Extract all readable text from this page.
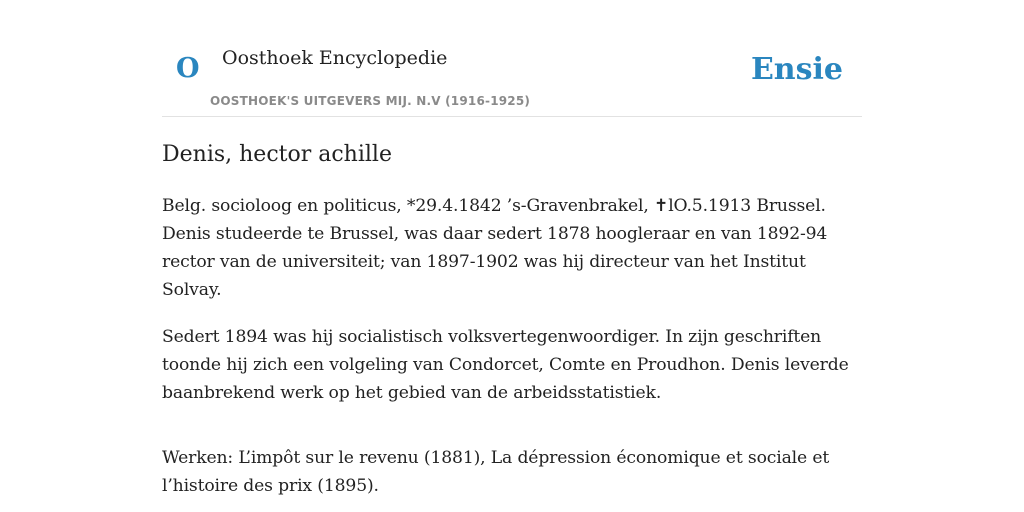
O Oosthoek Encyclopedie
OOSTHOEK'S UITGEVERS MIJ. N.V (1916-1925)
Ensie
Denis, hector achille

Belg. socioloog en politicus, *29.4.1842 ’s-Gravenbrakel, ✝lO.5.1913 Brussel. Denis studeerde te Brussel, was daar sedert 1878 hoogleraar en van 1892-94 rector van de universiteit; van 1897-1902 was hij directeur van het Institut Solvay.

Sedert 1894 was hij socialistisch volksvertegenwoordiger. In zijn geschriften toonde hij zich een volgeling van Condorcet, Comte en Proudhon. Denis leverde baanbrekend werk op het gebied van de arbeidsstatistiek.

Werken: L’impôt sur le revenu (1881), La dépression économique et sociale et l’histoire des prix (1895).
